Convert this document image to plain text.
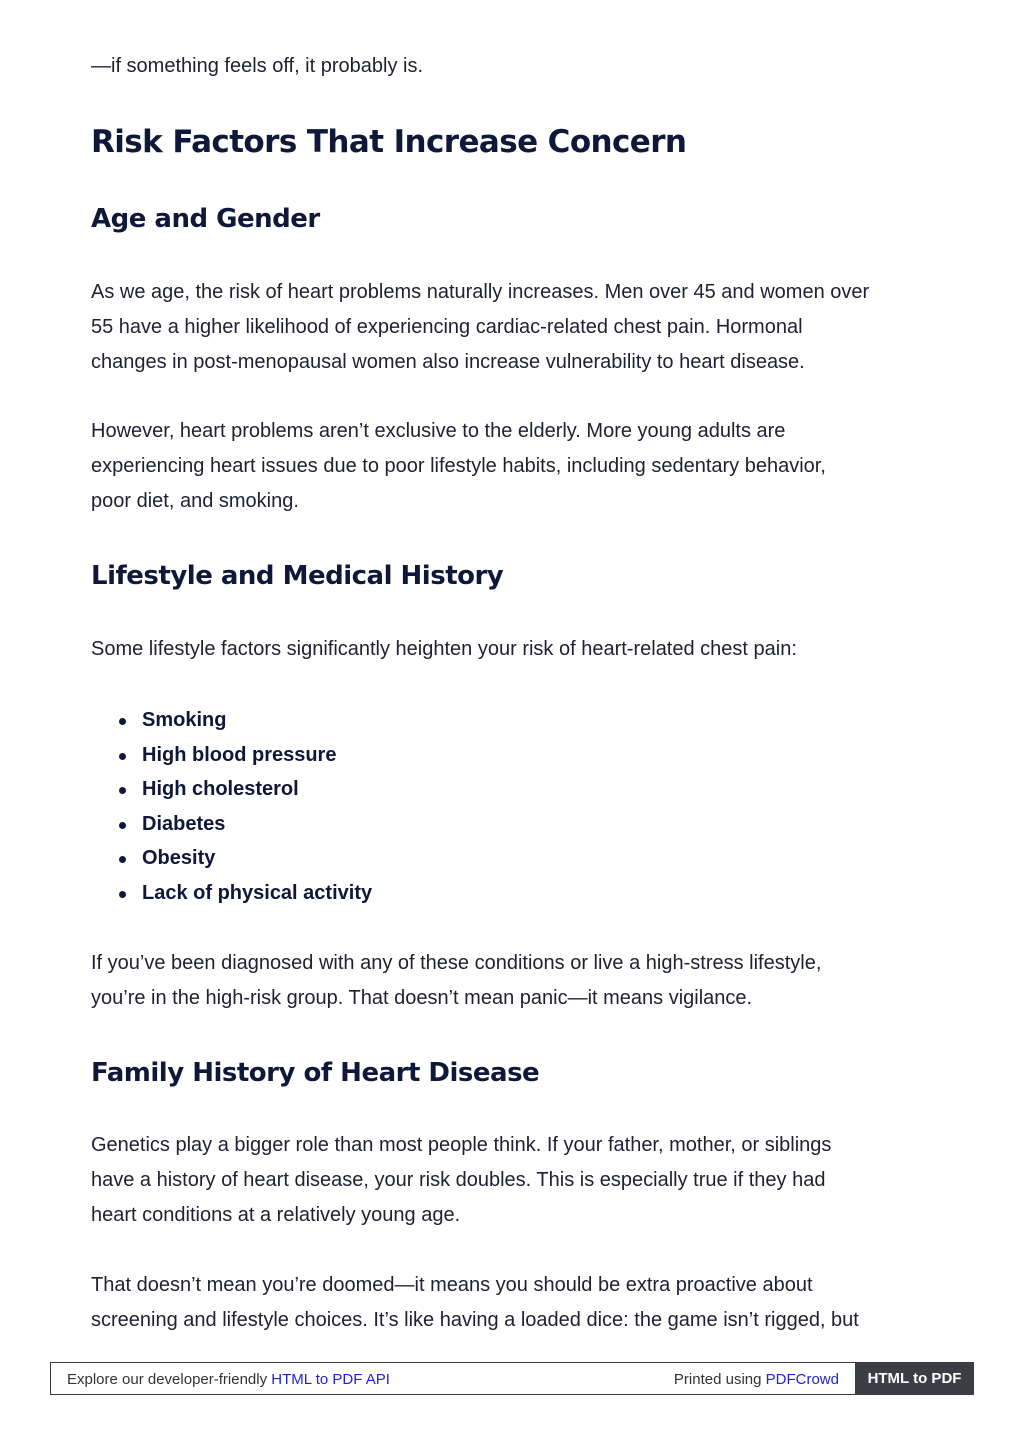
—if something feels off, it probably is.

Risk Factors That Increase Concern
Age and Gender
As we age, the risk of heart problems naturally increases. Men over 45 and women over
55 have a higher likelihood of experiencing cardiac-related chest pain. Hormonal
changes in post-menopausal women also increase vulnerability to heart disease.
However, heart problems aren’t exclusive to the elderly. More young adults are
experiencing heart issues due to poor lifestyle habits, including sedentary behavior,
poor diet, and smoking.
Lifestyle and Medical History

Some lifestyle factors significantly heighten your risk of heart-related chest pain:

Smoking
High blood pressure
High cholesterol
Diabetes
Obesity
Lack of physical activity
If you’ve been diagnosed with any of these conditions or live a high-stress lifestyle,
you’re in the high-risk group. That doesn’t mean panic—it means vigilance.
Family History of Heart Disease
Genetics play a bigger role than most people think. If your father, mother, or siblings
have a history of heart disease, your risk doubles. This is especially true if they had
heart conditions at a relatively young age.
That doesn’t mean you’re doomed—it means you should be extra proactive about
screening and lifestyle choices. It’s like having a loaded dice: the game isn’t rigged, but
Explore our developer-friendly HTML to PDF API	Printed using PDFCrowd	HTML to PDF
